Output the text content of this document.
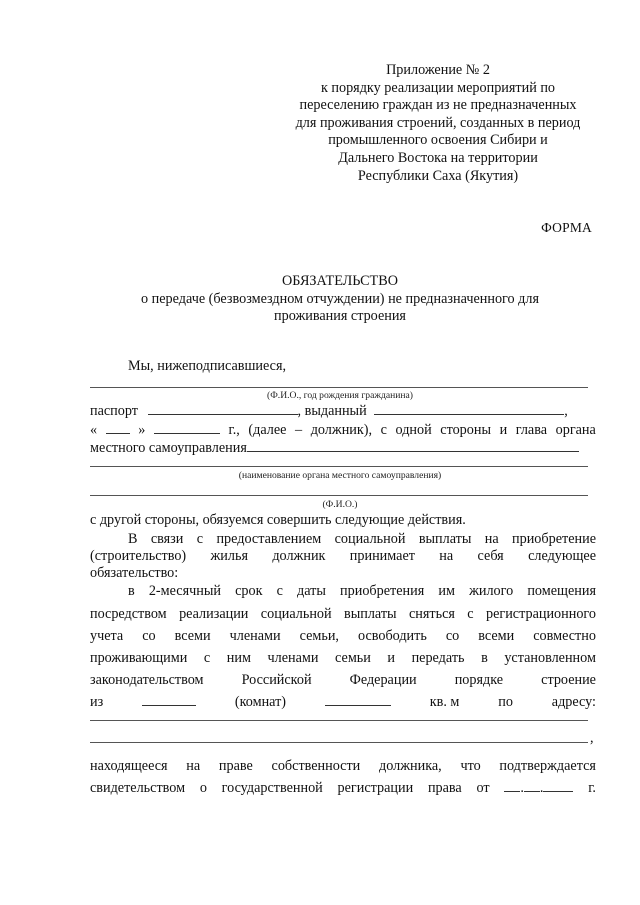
Приложение № 2
к порядку реализации мероприятий по
переселению граждан из не предназначенных
для проживания строений, созданных в период
промышленного освоения Сибири и
Дальнего Востока на территории
Республики Саха (Якутия)
ФОРМА
ОБЯЗАТЕЛЬСТВО
о передаче (безвозмездном отчуждении) не предназначенного для
проживания строения
Мы, нижеподписавшиеся,
(Ф.И.О., год рождения гражданина)
паспорт	, выданный	,
«	»	г., (далее – должник), с одной стороны и глава органа
местного самоуправления
(наименование органа местного самоуправления)
(Ф.И.О.)
с другой стороны, обязуемся совершить следующие действия.
В связи с предоставлением социальной выплаты на приобретение
(строительство) жилья должник принимает на себя следующее
обязательство:
в 2-месячный срок с даты приобретения им жилого помещения
посредством реализации социальной выплаты сняться с регистрационного
учета со всеми членами семьи, освободить со всеми совместно
проживающими с ним членами семьи и передать в установленном
законодательством	Российской	Федерации	порядке	строение
из	(комнат)	кв. м	по	адресу:
,
находящееся на праве собственности должника, что подтверждается
свидетельством о государственной регистрации права от	. .	г.
